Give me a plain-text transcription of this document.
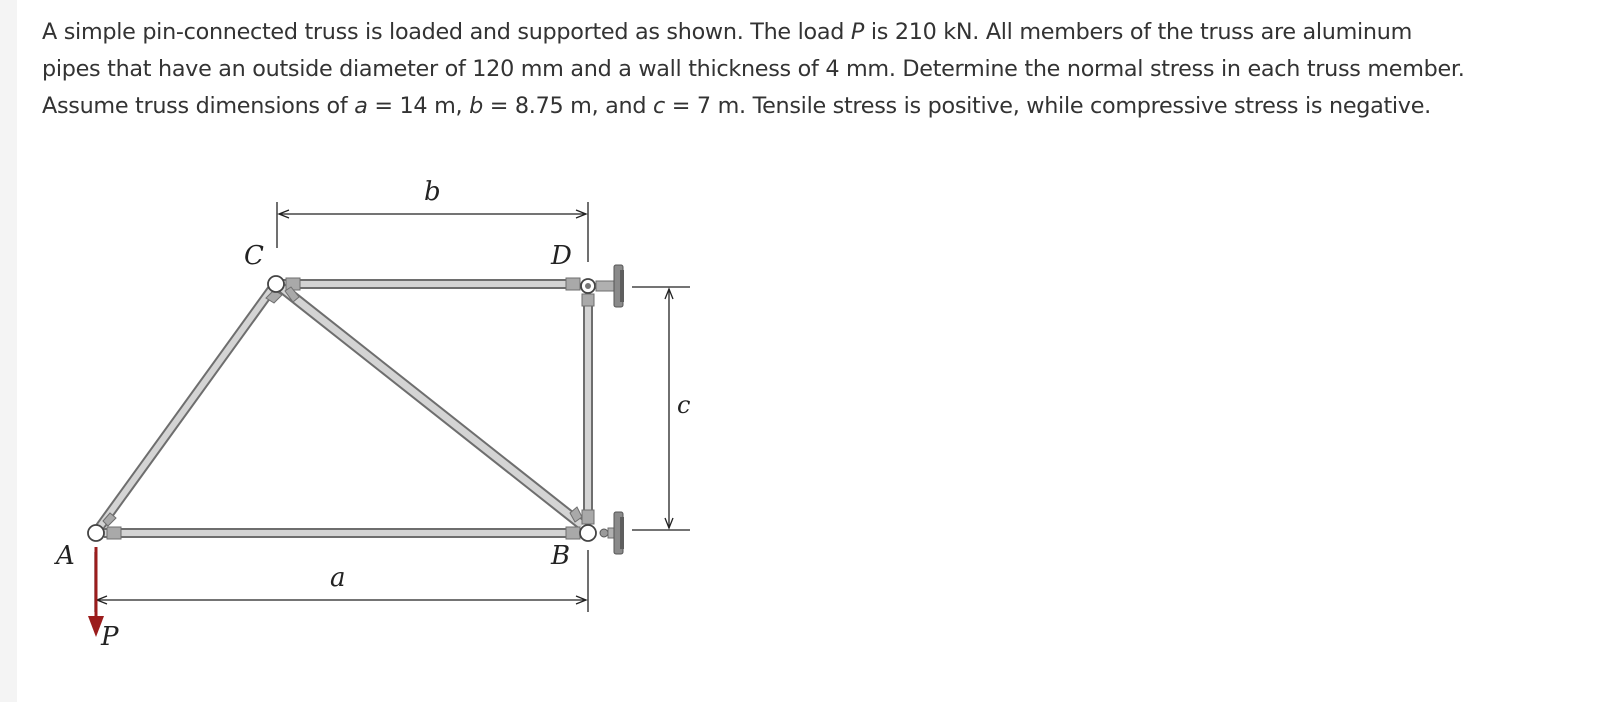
A simple pin-connected truss is loaded and supported as shown. The load P is 210 kN. All members of the truss are aluminum
pipes that have an outside diameter of 120 mm and a wall thickness of 4 mm. Determine the normal stress in each truss member.
Assume truss dimensions of a = 14 m, b = 8.75 m, and c = 7 m. Tensile stress is positive, while compressive stress is negative.

C	D
A	B
P
b
a
c
